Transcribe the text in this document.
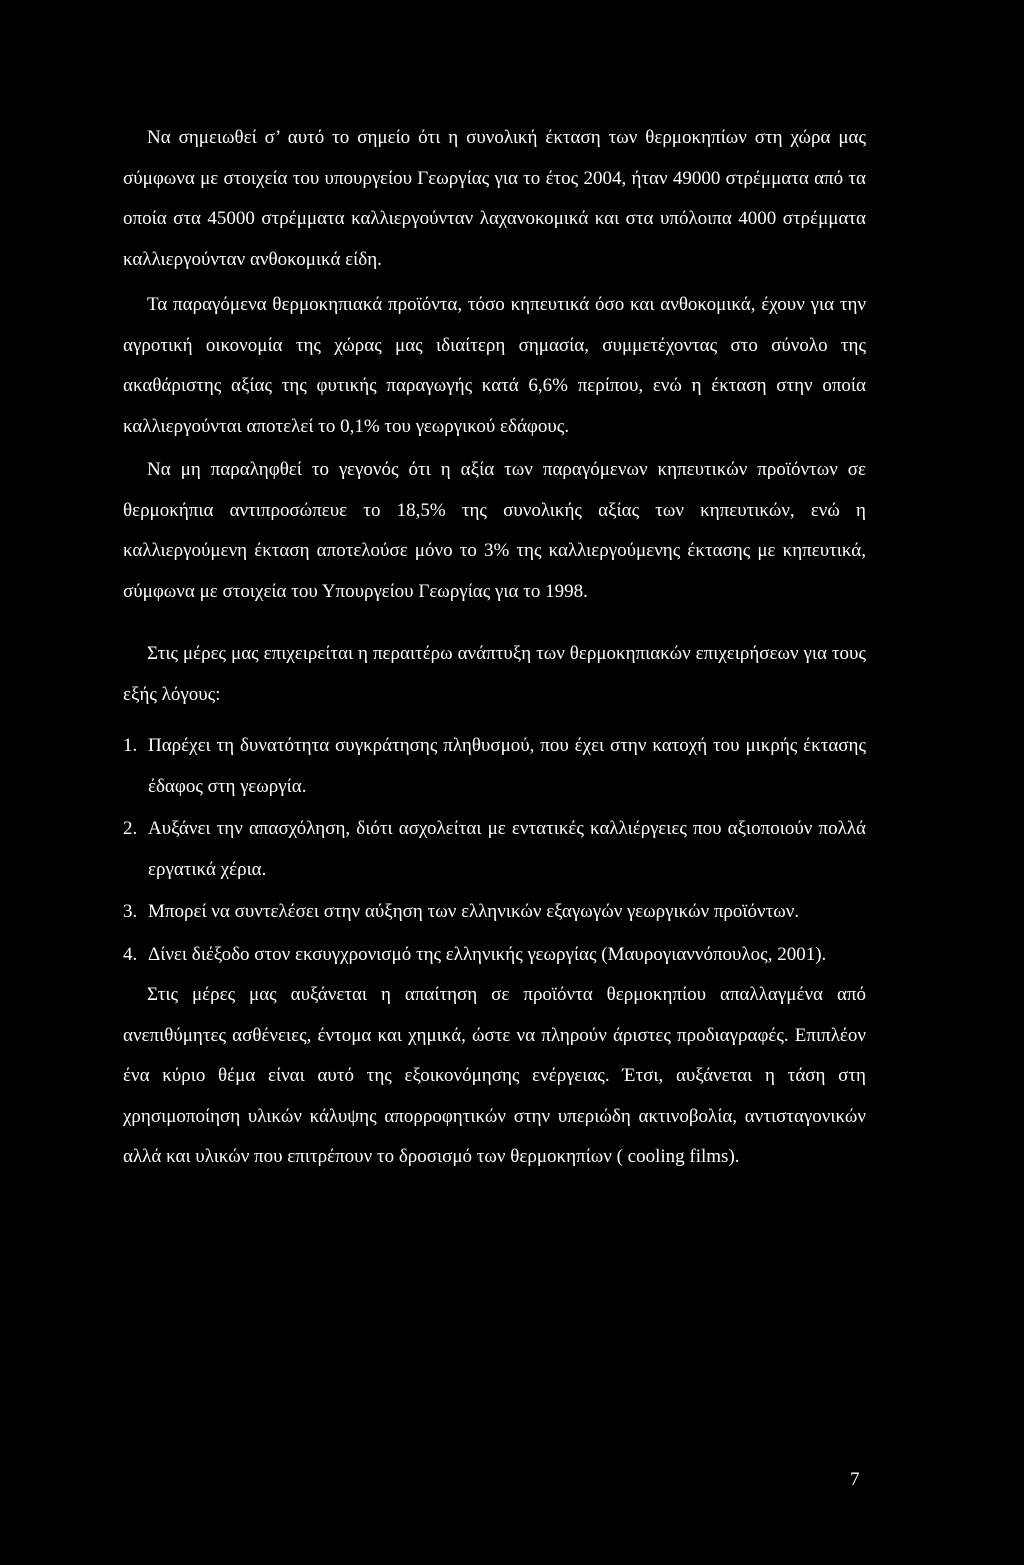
Να σημειωθεί σ’ αυτό το σημείο ότι η συνολική έκταση των θερμοκηπίων στη χώρα μας σύμφωνα με στοιχεία του υπουργείου Γεωργίας για το έτος 2004, ήταν 49000 στρέμματα από τα οποία στα 45000 στρέμματα καλλιεργούνταν λαχανοκομικά και στα υπόλοιπα 4000 στρέμματα καλλιεργούνταν ανθοκομικά είδη.

Τα παραγόμενα θερμοκηπιακά προϊόντα, τόσο κηπευτικά όσο και ανθοκομικά, έχουν για την αγροτική οικονομία της χώρας μας ιδιαίτερη σημασία, συμμετέχοντας στο σύνολο της ακαθάριστης αξίας της φυτικής παραγωγής κατά 6,6% περίπου, ενώ η έκταση στην οποία καλλιεργούνται αποτελεί το 0,1% του γεωργικού εδάφους.

Να μη παραληφθεί το γεγονός ότι η αξία των παραγόμενων κηπευτικών προϊόντων σε θερμοκήπια αντιπροσώπευε το 18,5% της συνολικής αξίας των κηπευτικών, ενώ η καλλιεργούμενη έκταση αποτελούσε μόνο το 3% της καλλιεργούμενης έκτασης με κηπευτικά, σύμφωνα με στοιχεία του Υπουργείου Γεωργίας για το 1998.

Στις μέρες μας επιχειρείται η περαιτέρω ανάπτυξη των θερμοκηπιακών επιχειρήσεων για τους εξής λόγους:

1. Παρέχει τη δυνατότητα συγκράτησης πληθυσμού, που έχει στην κατοχή του μικρής έκτασης έδαφος στη γεωργία.
2. Αυξάνει την απασχόληση, διότι ασχολείται με εντατικές καλλιέργειες που αξιοποιούν πολλά εργατικά χέρια.
3. Μπορεί να συντελέσει στην αύξηση των ελληνικών εξαγωγών γεωργικών προϊόντων.
4. Δίνει διέξοδο στον εκσυγχρονισμό της ελληνικής γεωργίας (Μαυρογιαννόπουλος, 2001).

Στις μέρες μας αυξάνεται η απαίτηση σε προϊόντα θερμοκηπίου απαλλαγμένα από ανεπιθύμητες ασθένειες, έντομα και χημικά, ώστε να πληρούν άριστες προδιαγραφές. Επιπλέον ένα κύριο θέμα είναι αυτό της εξοικονόμησης ενέργειας. Έτσι, αυξάνεται η τάση στη χρησιμοποίηση υλικών κάλυψης απορροφητικών στην υπεριώδη ακτινοβολία, αντισταγονικών αλλά και υλικών που επιτρέπουν το δροσισμό των θερμοκηπίων ( cooling films).

7
